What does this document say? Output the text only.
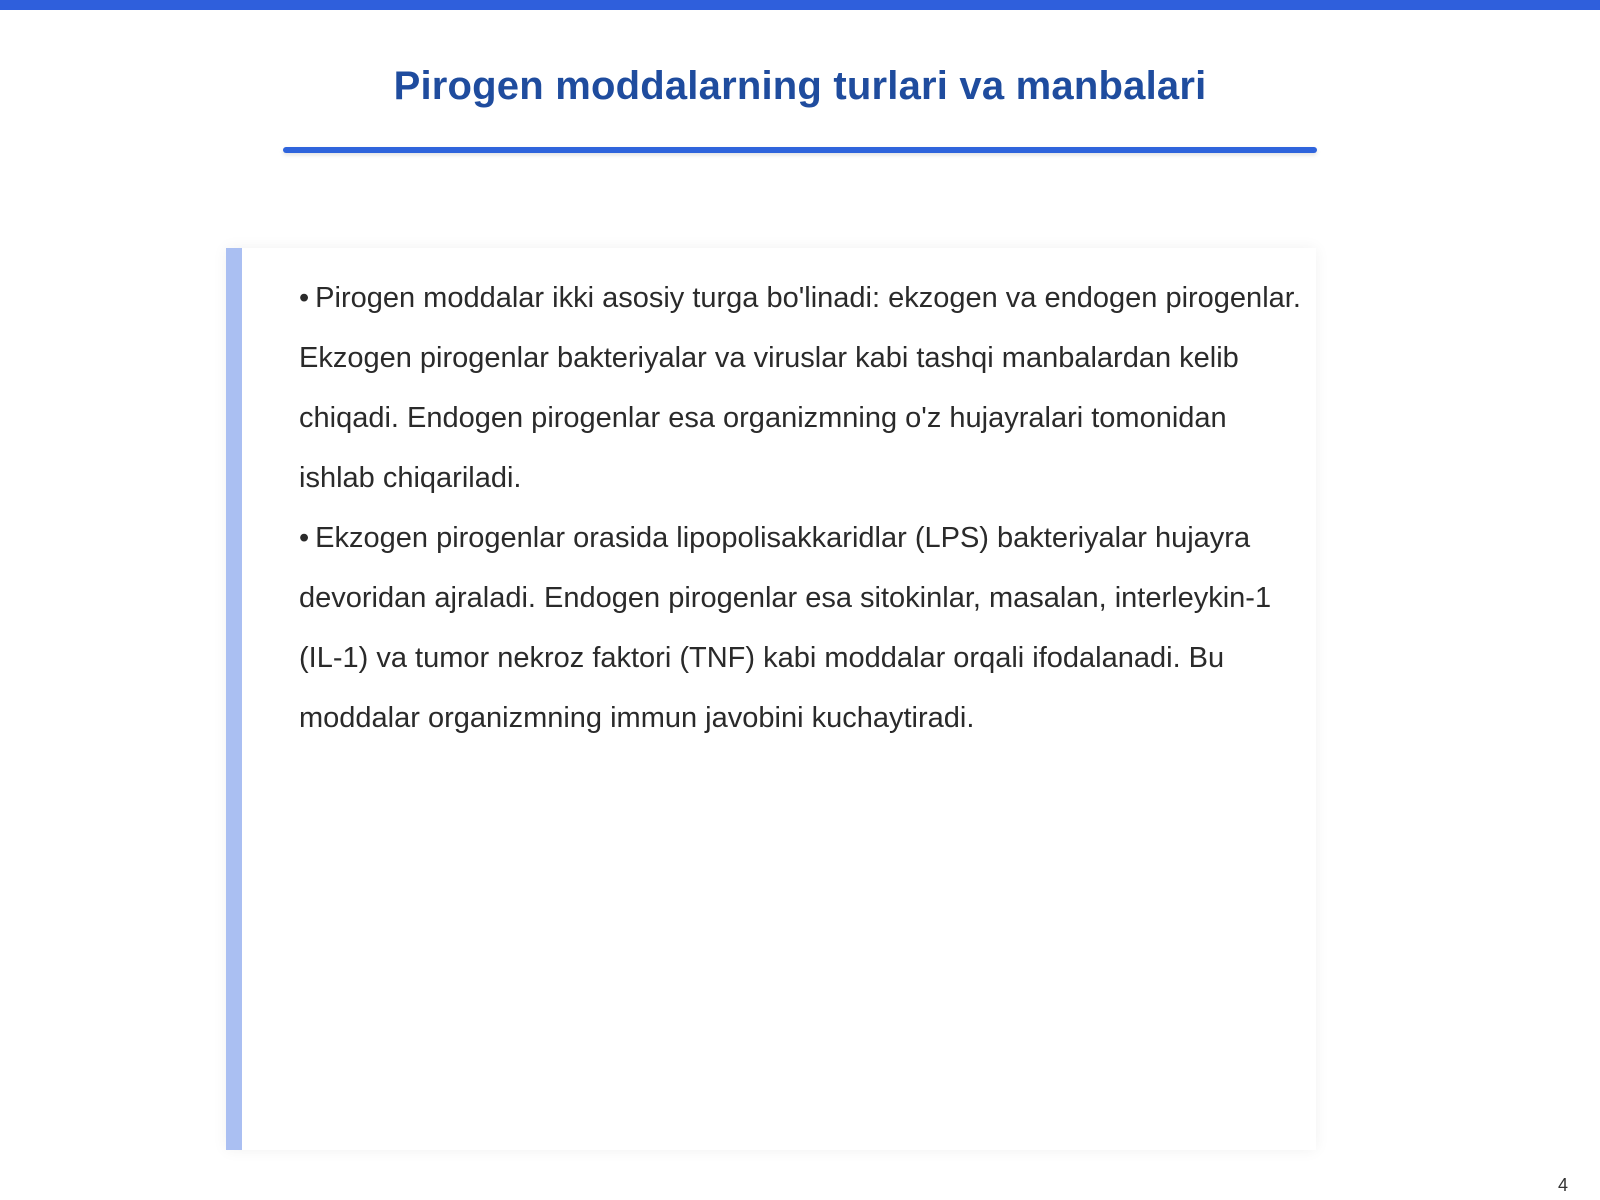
Pirogen moddalarning turlari va manbalari
• Pirogen moddalar ikki asosiy turga bo'linadi: ekzogen va endogen pirogenlar. Ekzogen pirogenlar bakteriyalar va viruslar kabi tashqi manbalardan kelib chiqadi. Endogen pirogenlar esa organizmning o'z hujayralari tomonidan ishlab chiqariladi.
• Ekzogen pirogenlar orasida lipopolisakkaridlar (LPS) bakteriyalar hujayra devoridan ajraladi. Endogen pirogenlar esa sitokinlar, masalan, interleykin-1 (IL-1) va tumor nekroz faktori (TNF) kabi moddalar orqali ifodalanadi. Bu moddalar organizmning immun javobini kuchaytiradi.
4
